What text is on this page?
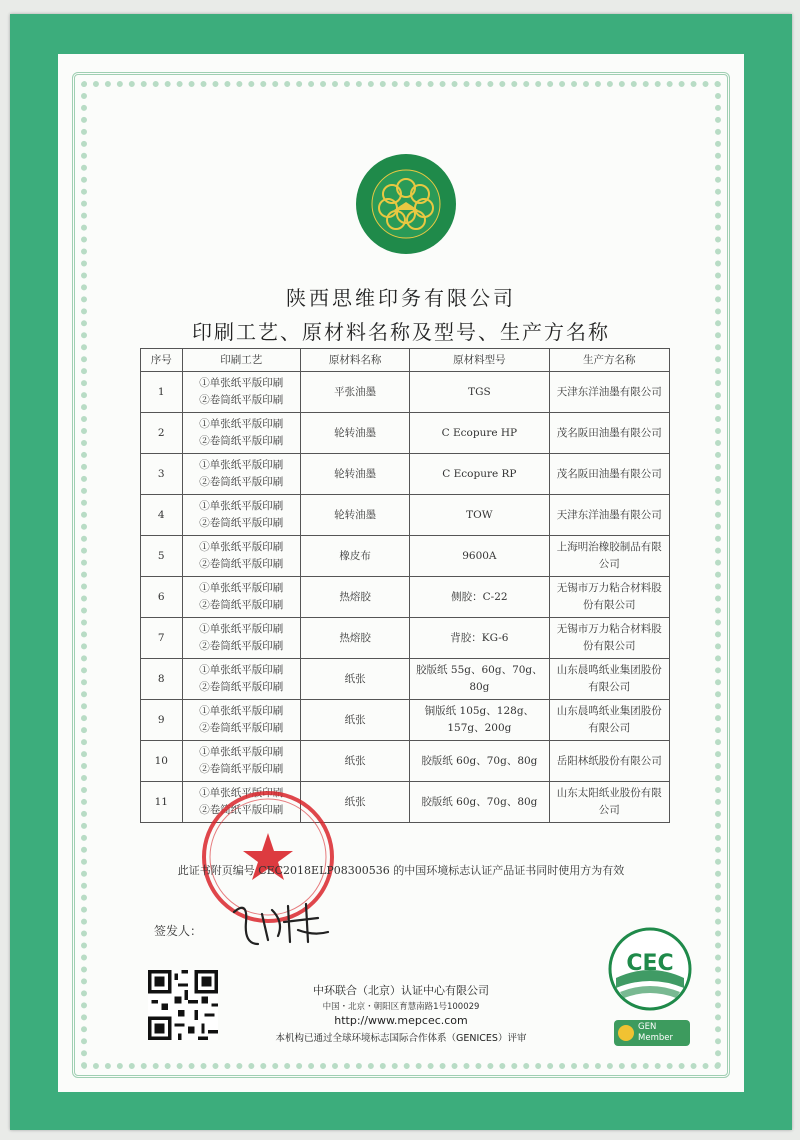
陕西思维印务有限公司
印刷工艺、原材料名称及型号、生产方名称
序号	印刷工艺	原材料名称	原材料型号	生产方名称
1	①单张纸平版印刷
②卷筒纸平版印刷	平张油墨	TGS	天津东洋油墨有限公司
2	①单张纸平版印刷
②卷筒纸平版印刷	轮转油墨	C Ecopure HP	茂名阪田油墨有限公司
3	①单张纸平版印刷
②卷筒纸平版印刷	轮转油墨	C Ecopure RP	茂名阪田油墨有限公司
4	①单张纸平版印刷
②卷筒纸平版印刷	轮转油墨	TOW	天津东洋油墨有限公司
5	①单张纸平版印刷
②卷筒纸平版印刷	橡皮布	9600A	上海明治橡胶制品有限
公司
6	①单张纸平版印刷
②卷筒纸平版印刷	热熔胶	侧胶：C-22	无锡市万力粘合材料股
份有限公司
7	①单张纸平版印刷
②卷筒纸平版印刷	热熔胶	背胶：KG-6	无锡市万力粘合材料股
份有限公司
8	①单张纸平版印刷
②卷筒纸平版印刷	纸张	胶版纸 55g、60g、70g、
80g	山东晨鸣纸业集团股份
有限公司
9	①单张纸平版印刷
②卷筒纸平版印刷	纸张	铜版纸 105g、128g、
157g、200g	山东晨鸣纸业集团股份
有限公司
10	①单张纸平版印刷
②卷筒纸平版印刷	纸张	胶版纸 60g、70g、80g	岳阳林纸股份有限公司
11	①单张纸平版印刷
②卷筒纸平版印刷	纸张	胶版纸 60g、70g、80g	山东太阳纸业股份有限
公司
此证书附页编号 CEC2018ELP08300536 的中国环境标志认证产品证书同时使用方为有效
签发人：
中环联合（北京）认证中心有限公司
中国・北京・朝阳区育慧南路1号100029
http://www.mepcec.com
本机构已通过全球环境标志国际合作体系（GENICES）评审
CEC
GEN
Member
